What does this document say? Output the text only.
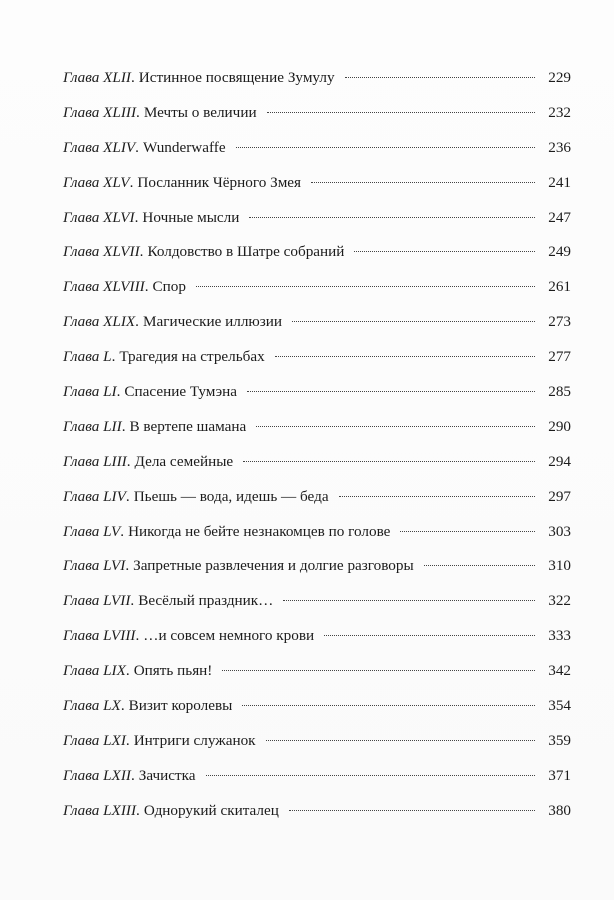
Глава XLII . Истинное посвящение Зумулу	229
Глава XLIII . Мечты о величии	232
Глава XLIV . Wunderwaffe	236
Глава XLV . Посланник Чёрного Змея	241
Глава XLVI . Ночные мысли	247
Глава XLVII . Колдовство в Шатре собраний	249
Глава XLVIII . Спор	261
Глава XLIX . Магические иллюзии	273
Глава L . Трагедия на стрельбах	277
Глава LI . Спасение Тумэна	285
Глава LII . В вертепе шамана	290
Глава LIII . Дела семейные	294
Глава LIV . Пьешь — вода, идешь — беда	297
Глава LV . Никогда не бейте незнакомцев по голове	303
Глава LVI . Запретные развлечения и долгие разговоры	310
Глава LVII . Весёлый праздник…	322
Глава LVIII . …и совсем немного крови	333
Глава LIX . Опять пьян!	342
Глава LX . Визит королевы	354
Глава LXI . Интриги служанок	359
Глава LXII . Зачистка	371
Глава LXIII . Однорукий скиталец	380
